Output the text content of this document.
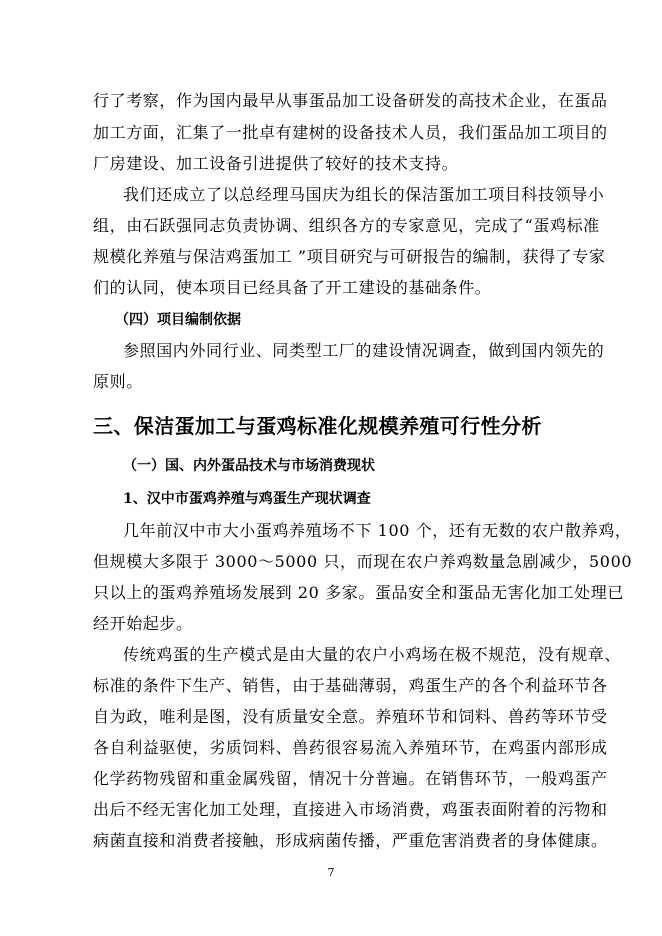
行了考察，作为国内最早从事蛋品加工设备研发的高技术企业，在蛋品
加工方面，汇集了一批卓有建树的设备技术人员，我们蛋品加工项目的
厂房建设、加工设备引进提供了较好的技术支持。
我们还成立了以总经理马国庆为组长的保洁蛋加工项目科技领导小
组，由石跃强同志负责协调、组织各方的专家意见，完成了“蛋鸡标准
规模化养殖与保洁鸡蛋加工 ”项目研究与可研报告的编制，获得了专家
们的认同，使本项目已经具备了开工建设的基础条件。
（四）项目编制依据
参照国内外同行业、同类型工厂的建设情况调查，做到国内领先的
原则。
三、保洁蛋加工与蛋鸡标准化规模养殖可行性分析
（一）国、内外蛋品技术与市场消费现状
1、汉中市蛋鸡养殖与鸡蛋生产现状调查
几年前汉中市大小蛋鸡养殖场不下 100 个，还有无数的农户散养鸡，
但规模大多限于 3000～5000 只，而现在农户养鸡数量急剧减少，5000
只以上的蛋鸡养殖场发展到 20 多家。蛋品安全和蛋品无害化加工处理已
经开始起步。
传统鸡蛋的生产模式是由大量的农户小鸡场在极不规范，没有规章、
标准的条件下生产、销售，由于基础薄弱，鸡蛋生产的各个利益环节各
自为政，唯利是图，没有质量安全意。养殖环节和饲料、兽药等环节受
各自利益驱使，劣质饲料、兽药很容易流入养殖环节，在鸡蛋内部形成
化学药物残留和重金属残留，情况十分普遍。在销售环节，一般鸡蛋产
出后不经无害化加工处理，直接进入市场消费，鸡蛋表面附着的污物和
病菌直接和消费者接触，形成病菌传播，严重危害消费者的身体健康。
7
